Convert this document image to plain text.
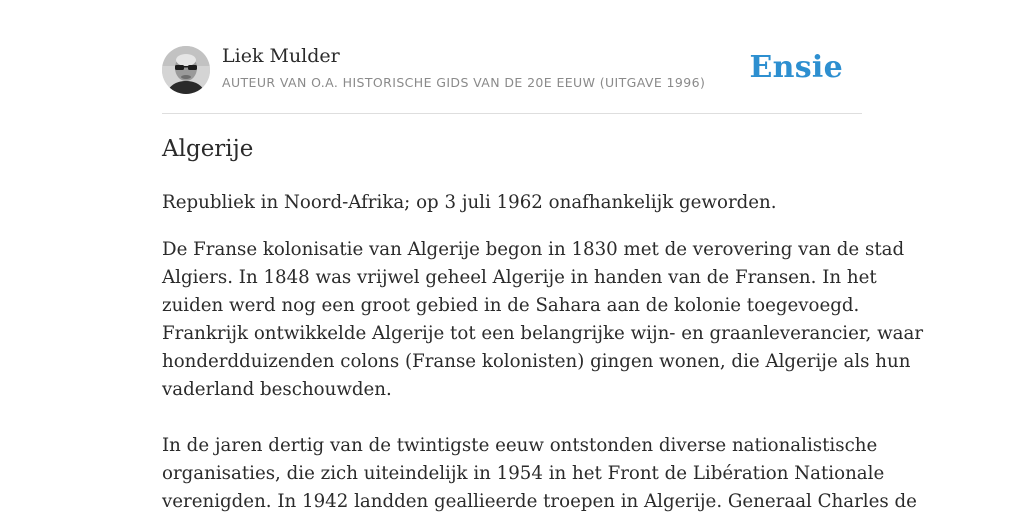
Liek Mulder
AUTEUR VAN O.A. HISTORISCHE GIDS VAN DE 20E EEUW (UITGAVE 1996) Ensie
Algerije

Republiek in Noord-Afrika; op 3 juli 1962 onafhankelijk geworden.

De Franse kolonisatie van Algerije begon in 1830 met de verovering van de stad
Algiers. In 1848 was vrijwel geheel Algerije in handen van de Fransen. In het
zuiden werd nog een groot gebied in de Sahara aan de kolonie toegevoegd.
Frankrijk ontwikkelde Algerije tot een belangrijke wijn- en graanleverancier, waar
honderdduizenden colons (Franse kolonisten) gingen wonen, die Algerije als hun
vaderland beschouwden.

In de jaren dertig van de twintigste eeuw ontstonden diverse nationalistische
organisaties, die zich uiteindelijk in 1954 in het Front de Libération Nationale
verenigden. In 1942 landden geallieerde troepen in Algerije. Generaal Charles de
